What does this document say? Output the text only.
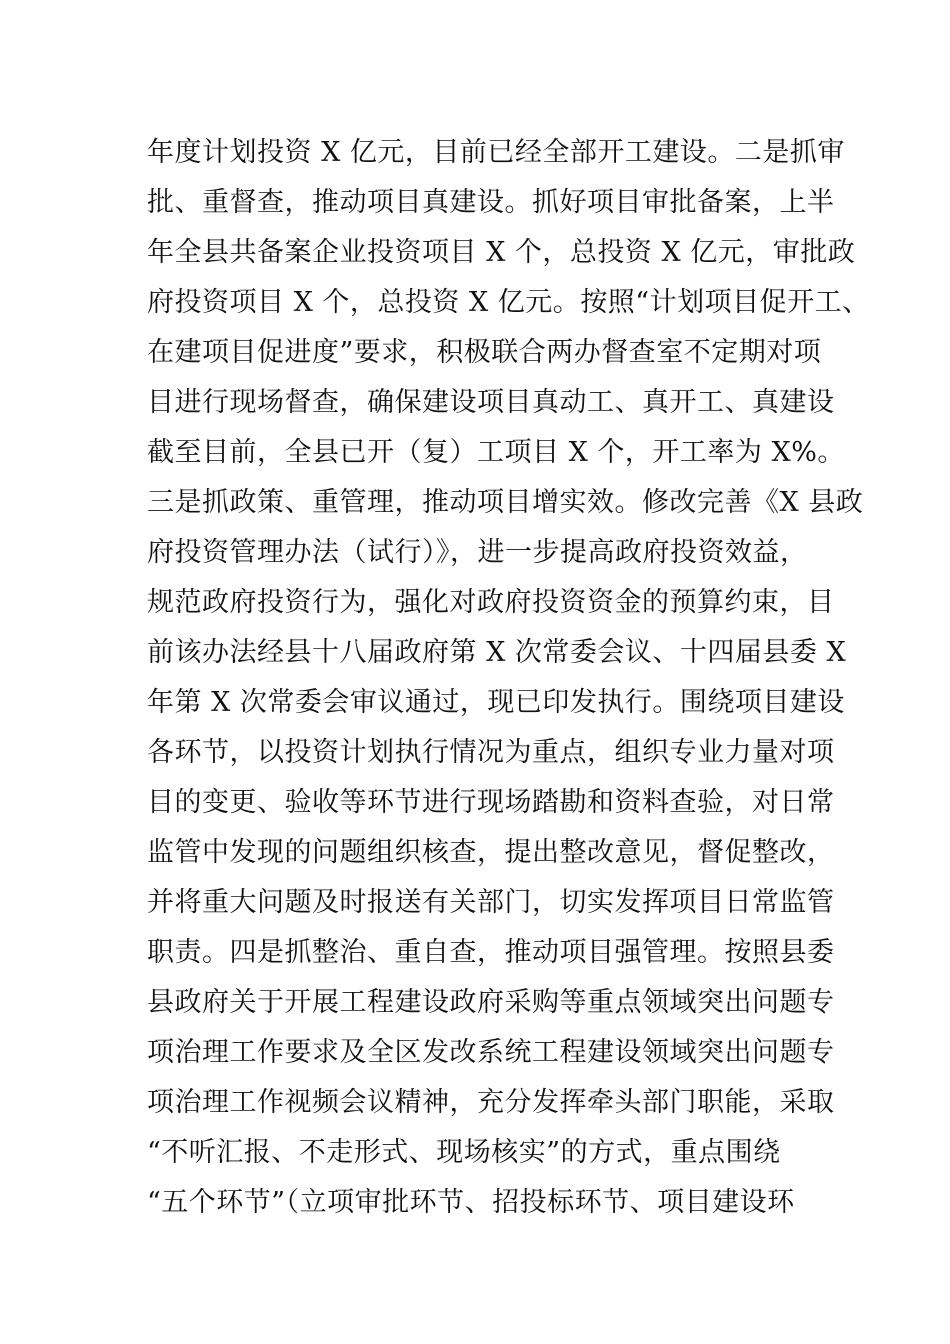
年度计划投资 X 亿元，目前已经全部开工建设。二是抓审
批、重督查，推动项目真建设。抓好项目审批备案，上半
年全县共备案企业投资项目 X 个，总投资 X 亿元，审批政
府投资项目 X 个，总投资 X 亿元。按照“计划项目促开工、
在建项目促进度”要求，积极联合两办督查室不定期对项
目进行现场督查，确保建设项目真动工、真开工、真建设
截至目前，全县已开（复）工项目 X 个，开工率为 X%。
三是抓政策、重管理，推动项目增实效。修改完善《X 县政
府投资管理办法（试行）》，进一步提高政府投资效益，
规范政府投资行为，强化对政府投资资金的预算约束，目
前该办法经县十八届政府第 X 次常委会议、十四届县委 X
年第 X 次常委会审议通过，现已印发执行。围绕项目建设
各环节，以投资计划执行情况为重点，组织专业力量对项
目的变更、验收等环节进行现场踏勘和资料查验，对日常
监管中发现的问题组织核查，提出整改意见，督促整改，
并将重大问题及时报送有关部门，切实发挥项目日常监管
职责。四是抓整治、重自查，推动项目强管理。按照县委
县政府关于开展工程建设政府采购等重点领域突出问题专
项治理工作要求及全区发改系统工程建设领域突出问题专
项治理工作视频会议精神，充分发挥牵头部门职能，采取
“不听汇报、不走形式、现场核实”的方式，重点围绕
“五个环节”（立项审批环节、招投标环节、项目建设环
